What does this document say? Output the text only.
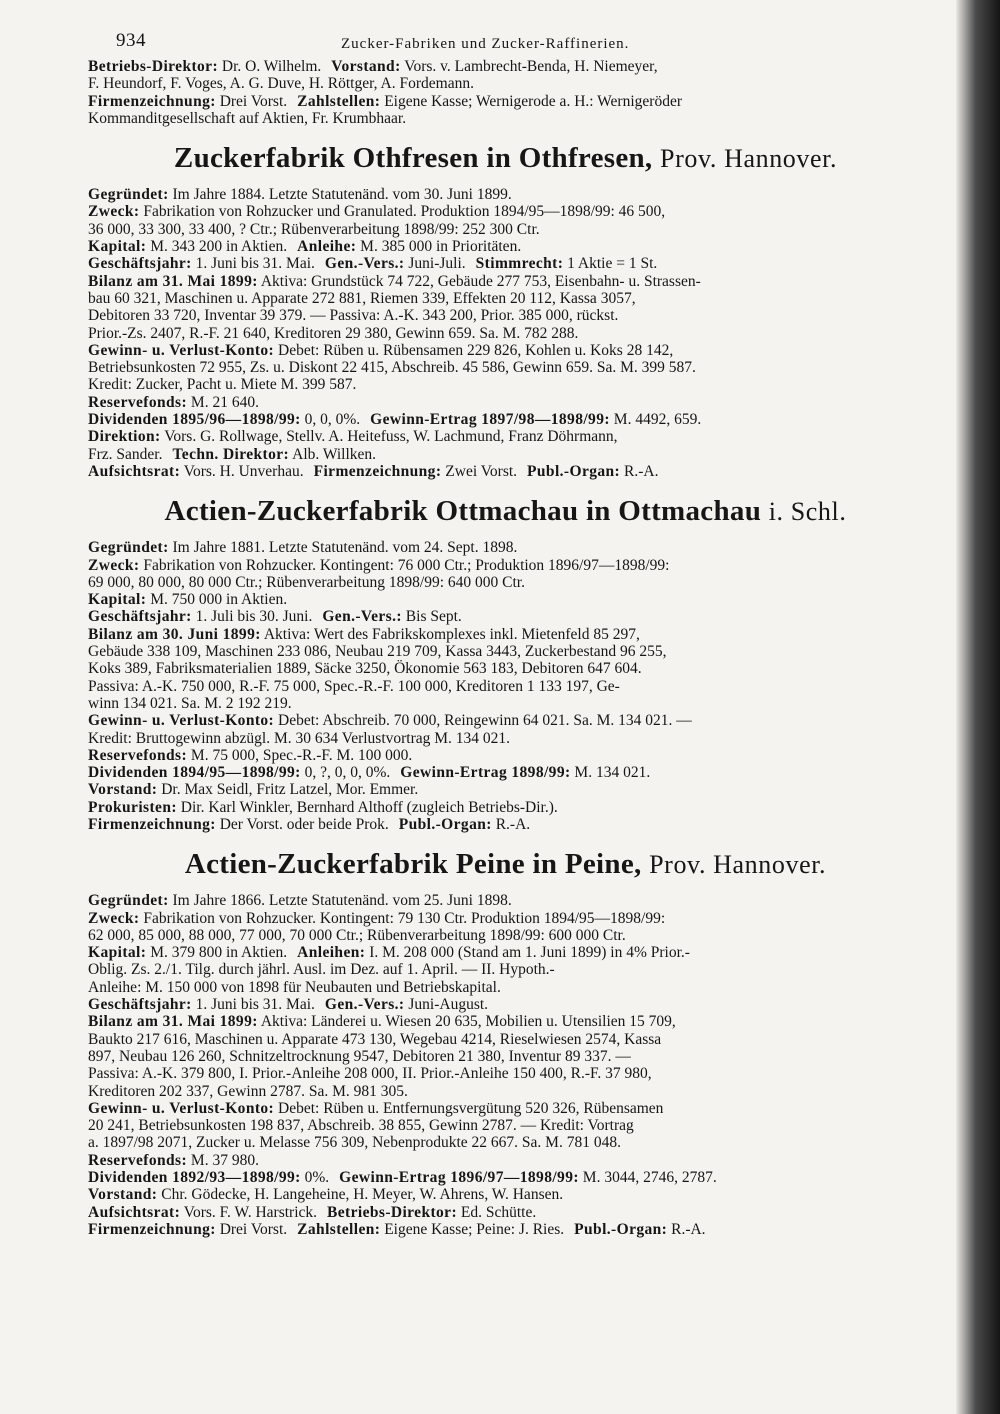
934	Zucker-Fabriken und Zucker-Raffinerien.

Betriebs-Direktor: Dr. O. Wilhelm. Vorstand: Vors. v. Lambrecht-Benda, H. Niemeyer,

F. Heundorf, F. Voges, A. G. Duve, H. Röttger, A. Fordemann.

Firmenzeichnung: Drei Vorst. Zahlstellen: Eigene Kasse; Wernigerode a. H.: Wernigeröder

Kommanditgesellschaft auf Aktien, Fr. Krumbhaar.

Zuckerfabrik Othfresen in Othfresen, Prov. Hannover.

Gegründet: Im Jahre 1884. Letzte Statutenänd. vom 30. Juni 1899.

Zweck: Fabrikation von Rohzucker und Granulated. Produktion 1894/95—1898/99: 46 500,

36 000, 33 300, 33 400, ? Ctr.; Rübenverarbeitung 1898/99: 252 300 Ctr.

Kapital: M. 343 200 in Aktien. Anleihe: M. 385 000 in Prioritäten.

Geschäftsjahr: 1. Juni bis 31. Mai. Gen.-Vers.: Juni-Juli. Stimmrecht: 1 Aktie = 1 St.

Bilanz am 31. Mai 1899: Aktiva: Grundstück 74 722, Gebäude 277 753, Eisenbahn- u. Strassen-

bau 60 321, Maschinen u. Apparate 272 881, Riemen 339, Effekten 20 112, Kassa 3057,

Debitoren 33 720, Inventar 39 379. — Passiva: A.-K. 343 200, Prior. 385 000, rückst.

Prior.-Zs. 2407, R.-F. 21 640, Kreditoren 29 380, Gewinn 659. Sa. M. 782 288.

Gewinn- u. Verlust-Konto: Debet: Rüben u. Rübensamen 229 826, Kohlen u. Koks 28 142,

Betriebsunkosten 72 955, Zs. u. Diskont 22 415, Abschreib. 45 586, Gewinn 659. Sa. M. 399 587.

Kredit: Zucker, Pacht u. Miete M. 399 587.

Reservefonds: M. 21 640.

Dividenden 1895/96—1898/99: 0, 0, 0%. Gewinn-Ertrag 1897/98—1898/99: M. 4492, 659.

Direktion: Vors. G. Rollwage, Stellv. A. Heitefuss, W. Lachmund, Franz Döhrmann,

Frz. Sander. Techn. Direktor: Alb. Willken.

Aufsichtsrat: Vors. H. Unverhau. Firmenzeichnung: Zwei Vorst. Publ.-Organ: R.-A.

Actien-Zuckerfabrik Ottmachau in Ottmachau i. Schl.

Gegründet: Im Jahre 1881. Letzte Statutenänd. vom 24. Sept. 1898.

Zweck: Fabrikation von Rohzucker. Kontingent: 76 000 Ctr.; Produktion 1896/97—1898/99:

69 000, 80 000, 80 000 Ctr.; Rübenverarbeitung 1898/99: 640 000 Ctr.

Kapital: M. 750 000 in Aktien.

Geschäftsjahr: 1. Juli bis 30. Juni. Gen.-Vers.: Bis Sept.

Bilanz am 30. Juni 1899: Aktiva: Wert des Fabrikskomplexes inkl. Mietenfeld 85 297,

Gebäude 338 109, Maschinen 233 086, Neubau 219 709, Kassa 3443, Zuckerbestand 96 255,

Koks 389, Fabriksmaterialien 1889, Säcke 3250, Ökonomie 563 183, Debitoren 647 604.

Passiva: A.-K. 750 000, R.-F. 75 000, Spec.-R.-F. 100 000, Kreditoren 1 133 197, Ge-

winn 134 021. Sa. M. 2 192 219.

Gewinn- u. Verlust-Konto: Debet: Abschreib. 70 000, Reingewinn 64 021. Sa. M. 134 021. —

Kredit: Bruttogewinn abzügl. M. 30 634 Verlustvortrag M. 134 021.

Reservefonds: M. 75 000, Spec.-R.-F. M. 100 000.

Dividenden 1894/95—1898/99: 0, ?, 0, 0, 0%. Gewinn-Ertrag 1898/99: M. 134 021.

Vorstand: Dr. Max Seidl, Fritz Latzel, Mor. Emmer.

Prokuristen: Dir. Karl Winkler, Bernhard Althoff (zugleich Betriebs-Dir.).

Firmenzeichnung: Der Vorst. oder beide Prok. Publ.-Organ: R.-A.

Actien-Zuckerfabrik Peine in Peine, Prov. Hannover.

Gegründet: Im Jahre 1866. Letzte Statutenänd. vom 25. Juni 1898.

Zweck: Fabrikation von Rohzucker. Kontingent: 79 130 Ctr. Produktion 1894/95—1898/99:

62 000, 85 000, 88 000, 77 000, 70 000 Ctr.; Rübenverarbeitung 1898/99: 600 000 Ctr.

Kapital: M. 379 800 in Aktien. Anleihen: I. M. 208 000 (Stand am 1. Juni 1899) in 4% Prior.-

Oblig. Zs. 2./1. Tilg. durch jährl. Ausl. im Dez. auf 1. April. — II. Hypoth.-

Anleihe: M. 150 000 von 1898 für Neubauten und Betriebskapital.

Geschäftsjahr: 1. Juni bis 31. Mai. Gen.-Vers.: Juni-August.

Bilanz am 31. Mai 1899: Aktiva: Länderei u. Wiesen 20 635, Mobilien u. Utensilien 15 709,

Baukto 217 616, Maschinen u. Apparate 473 130, Wegebau 4214, Rieselwiesen 2574, Kassa

897, Neubau 126 260, Schnitzeltrocknung 9547, Debitoren 21 380, Inventur 89 337. —

Passiva: A.-K. 379 800, I. Prior.-Anleihe 208 000, II. Prior.-Anleihe 150 400, R.-F. 37 980,

Kreditoren 202 337, Gewinn 2787. Sa. M. 981 305.

Gewinn- u. Verlust-Konto: Debet: Rüben u. Entfernungsvergütung 520 326, Rübensamen

20 241, Betriebsunkosten 198 837, Abschreib. 38 855, Gewinn 2787. — Kredit: Vortrag

a. 1897/98 2071, Zucker u. Melasse 756 309, Nebenprodukte 22 667. Sa. M. 781 048.

Reservefonds: M. 37 980.

Dividenden 1892/93—1898/99: 0%. Gewinn-Ertrag 1896/97—1898/99: M. 3044, 2746, 2787.

Vorstand: Chr. Gödecke, H. Langeheine, H. Meyer, W. Ahrens, W. Hansen.

Aufsichtsrat: Vors. F. W. Harstrick. Betriebs-Direktor: Ed. Schütte.

Firmenzeichnung: Drei Vorst. Zahlstellen: Eigene Kasse; Peine: J. Ries. Publ.-Organ: R.-A.
